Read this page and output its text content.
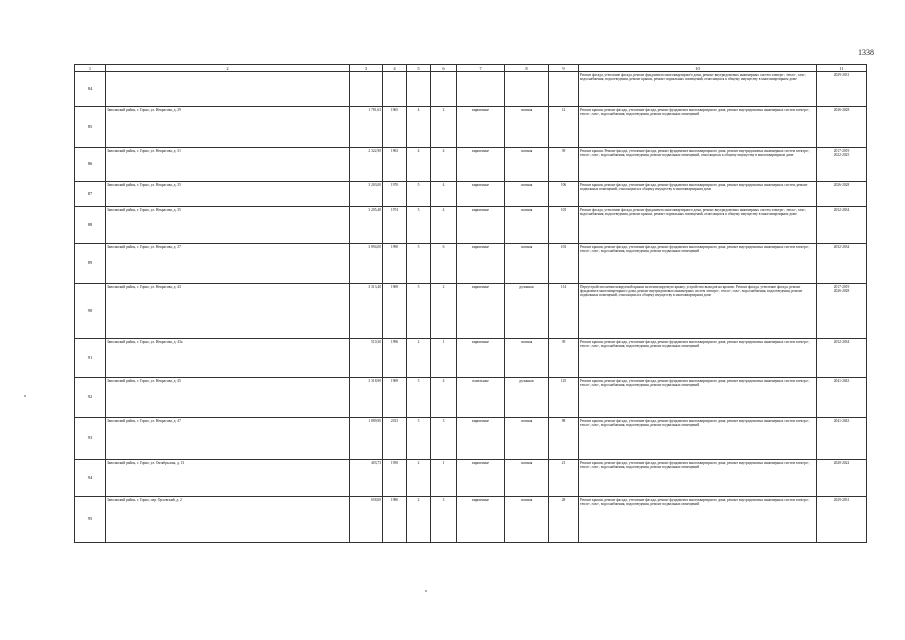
1338
1	2	3	4	5	6	7	8	9	10	11
84									Ремонт фасада, утепление фасада, ремонт фундамента многоквартирного дома, ремонт внутридомовых инженерных систем электро-, тепло-, газо-, водоснабжения, водоотведения, ремонт крыши, ремонт подвальных помещений, относящихся к общему имуществу в многоквартирном доме	2029-2031

85	Заволжский район, г. Горно, ул. Некрасова, д. 29	1 781,63	1965	4	2	кирпичные	скатная	12	Ремонт крыши, ремонт фасада, утепление фасада, ремонт фундамента многоквартирного дома, ремонт внутридомовых инженерных систем электро-, тепло-, газо-, водоснабжения, водоотведения, ремонт подвальных помещений	2026-2028

86	Заволжский район, г. Горно, ул. Некрасова, д. 31	2 322,90	1963	4	4	кирпичные	скатная	39	Ремонт крыши. Ремонт фасада, утепление фасада, ремонт фундамента многоквартирного дома, ремонт внутридомовых инженерных систем электро-, тепло-, газо-, водоснабжения, водоотведения, ремонт подвальных помещений, относящихся к общему имуществу в многоквартирном доме	2017-2019
2022-2025

87	Заволжский район, г. Горно, ул. Некрасова, д. 35	3 203,00	1970	5	4	кирпичные	скатная	106	Ремонт крыши, ремонт фасада, утепление фасада, ремонт фундамента многоквартирного дома, ремонт внутридомовых инженерных систем, ремонт подвальных помещений, относящихся к общему имуществу в многоквартирном доме	2026-2028

88	Заволжский район, г. Горно, ул. Некрасова, д. 35	3 205,48	1974	5	4	кирпичные	скатная	103	Ремонт фасада, утепление фасада, ремонт фундамента многоквартирного дома, ремонт внутридомовых инженерных систем электро-, тепло-, газо-, водоснабжения, водоотведения, ремонт крыши, ремонт подвальных помещений, относящихся к общему имуществу в многоквартирном доме	2032-2034

89	Заволжский район, г. Горно, ул. Некрасова, д. 37	3 894,00	1990	5	6	кирпичные	скатная	103	Ремонт крыши, ремонт фасада, утепление фасада, ремонт фундамента многоквартирного дома, ремонт внутридомовых инженерных систем электро-, тепло-, газо-, водоснабжения, водоотведения, ремонт подвальных помещений	2032-2034

90	Заволжский район, г. Горно, ул. Некрасова, д. 43	3 313,40	1969	5	2	кирпичные	рулонная	114	Переустройство невентилируемой крыши на вентилируемую крышу, устройство выходов на кровлю. Ремонт фасада, утепление фасада, ремонт фундамента многоквартирного дома, ремонт внутридомовых инженерных систем электро-, тепло-, газо-, водоснабжения, водоотведения, ремонт подвальных помещений, относящихся к общему имуществу в многоквартирном доме	2017-2019
2026-2028

91	Заволжский район, г. Горно, ул. Некрасова, д. 43а	510,30	1996	2	1	кирпичные	скатная	39	Ремонт крыши, ремонт фасада, утепление фасада, ремонт фундамента многоквартирного дома, ремонт внутридомовых инженерных систем электро-, тепло-, газо-, водоснабжения, водоотведения, ремонт подвальных помещений	2032-2034

92	Заволжский район, г. Горно, ул. Некрасова, д. 45	3 318,90	1969	5	4	панельные	рулонная	125	Ремонт крыши, ремонт фасада, утепление фасада, ремонт фундамента многоквартирного дома, ремонт внутридомовых инженерных систем электро-, тепло-, газо-, водоснабжения, водоотведения, ремонт подвальных помещений	2041-2043

93	Заволжский район, г. Горно, ул. Некрасова, д. 47	1 889,90	2013	5	3	кирпичные	скатная	98	Ремонт крыши, ремонт фасада, утепление фасада, ремонт фундамента многоквартирного дома, ремонт внутридомовых инженерных систем электро-, тепло-, газо-, водоснабжения, водоотведения, ремонт подвальных помещений	2041-2043

94	Заволжский район, г. Горно, ул. Октябрьская, д. 13	403,73	1950	2	1	кирпичные	скатная	21	Ремонт крыши, ремонт фасада, утепление фасада, ремонт фундамента многоквартирного дома, ремонт внутридомовых инженерных систем электро-, тепло-, газо-, водоснабжения, водоотведения, ремонт подвальных помещений	2020-2022

95	Заволжский район, г. Горно, пер. Орловский, д. 2	658,00	1980	2	3	кирпичные	скатная	28	Ремонт крыши, ремонт фасада, утепление фасада, ремонт фундамента многоквартирного дома, ремонт внутридомовых инженерных систем электро-, тепло-, газо-, водоснабжения, водоотведения, ремонт подвальных помещений	2029-2031
